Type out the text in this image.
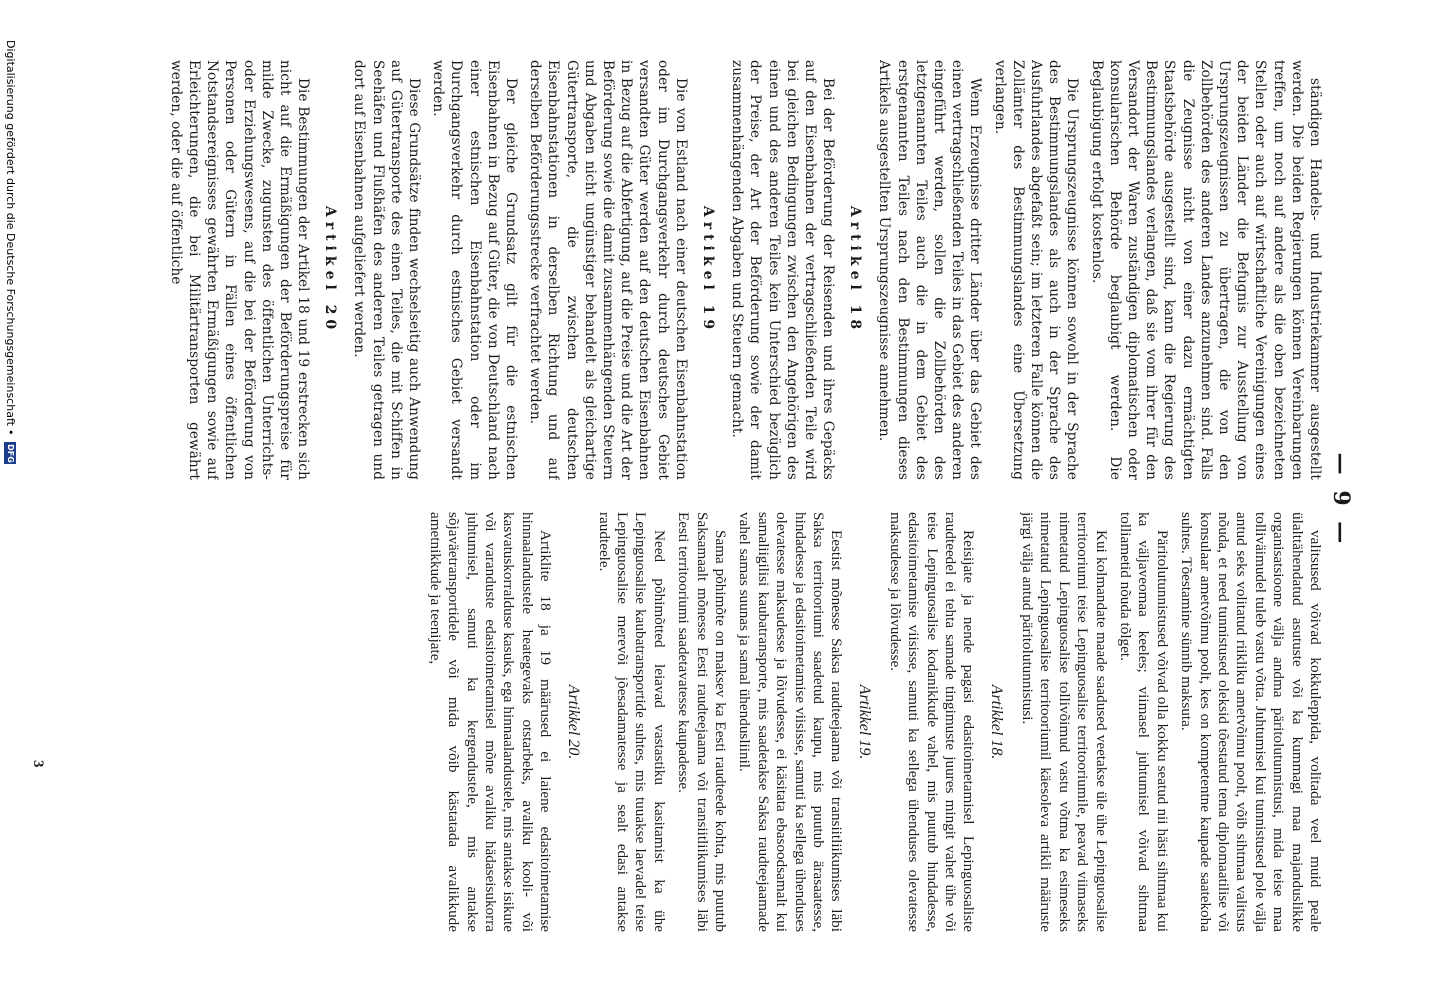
— 9 —

ständigen Handels- und Industriekammer ausgestellt werden. Die beiden Regierungen können Vereinbarungen treffen, um noch auf andere als die oben bezeichneten Stellen oder auch auf wirtschaftliche Vereinigungen eines der beiden Länder die Befugnis zur Ausstellung von Ursprungszeugnissen zu übertragen, die von den Zollbehörden des anderen Landes anzunehmen sind. Falls die Zeugnisse nicht von einer dazu ermächtigten Staatsbehörde ausgestellt sind, kann die Regierung des Bestimmungslandes verlangen, daß sie vom ihrer für den Versandort der Waren zuständigen diplomatischen oder konsularischen Behörde beglaubigt werden. Die Beglaubigung erfolgt kostenlos.

Die Ursprungszeugnisse können sowohl in der Sprache des Bestimmungslandes als auch in der Sprache des Ausfuhrlandes abgefaßt sein; im letzteren Falle können die Zollämter des Bestimmungslandes eine Übersetzung verlangen.

Wenn Erzeugnisse dritter Länder über das Gebiet des einen vertragschließenden Teiles in das Gebiet des anderen eingeführt werden, sollen die Zollbehörden des letztgenannten Teiles auch die in dem Gebiet des erstgenannten Teiles nach den Bestimmungen dieses Artikels ausgestellten Ursprungszeugnisse annehmen.

Artikel 18

Bei der Beförderung der Reisenden und ihres Gepäcks auf den Eisenbahnen der vertragschließenden Teile wird bei gleichen Bedingungen zwischen den Angehörigen des einen und des anderen Teiles kein Unterschied bezüglich der Preise, der Art der Beförderung sowie der damit zusammenhängenden Abgaben und Steuern gemacht.

Artikel 19

Die von Estland nach einer deutschen Eisenbahnstation oder im Durchgangsverkehr durch deutsches Gebiet versandten Güter werden auf den deutschen Eisenbahnen in Bezug auf die Abfertigung, auf die Preise und die Art der Beförderung sowie die damit zusammenhängenden Steuern und Abgaben nicht ungünstiger behandelt als gleichartige Gütertransporte, die zwischen deutschen Eisenbahnstationen in derselben Richtung und auf derselben Beförderungsstrecke verfrachtet werden.

Der gleiche Grundsatz gilt für die estnischen Eisenbahnen in Bezug auf Güter, die von Deutschland nach einer estnischen Eisenbahnstation oder im Durchgangsverkehr durch estnisches Gebiet versandt werden.

Diese Grundsätze finden wechselseitig auch Anwendung auf Gütertransporte des einen Teiles, die mit Schiffen in Seehäfen und Flußhäfen des anderen Teiles getragen und dort auf Eisenbahnen aufgeliefert werden.

Artikel 20

Die Bestimmungen der Artikel 18 und 19 erstrecken sich nicht auf die Ermäßigungen der Beförderungspreise für milde Zwecke, zugunsten des öffentlichen Unterrichts- oder Erziehungswesens, auf die bei der Beförderung von Personen oder Gütern in Fällen eines öffentlichen Notstandsereignisses gewährten Ermäßigungen sowie auf Erleichterungen, die bei Militärtransporten gewährt werden, oder die auf öffentliche

valitsused võivad kokkuleppida, volitada veel muid peale ülalttähendatud asutuste või ka kummagi maa majanduslikke organisatsioone välja andma päritolutunnistusi, mida teise maa tolliväimudel tuleb vastu võtta. Juhtumisel kui tunnistused pole välja antud seks volitatud riikliku ametvõimu poolt, võib sihtmaa valitsus nõuda, et need tunnistused oleksid tõestatud tema diplomaatilise või konsulaar ametvõimu poolt, kes on kompetentne kaupade saatekoha suhtes. Tõestamine sünnib maksuta.

Päritolutunnistused võivad olla kokku seatud nii hästi sihtmaa kui ka väljaveomaa keeles; viimasel juhtumisel võivad sihtmaa tolliametid nõuda tõlget.

Kui kolmandate maade saadused veetakse üle ühe Lepinguosalise territooriumi teise Lepinguosalise territooriumile, peavad viimaseks nimetatud Lepinguosalise tollivõimud vastu võtma ka esimeseks nimetatud Lepinguosalise territooriumil käesoleva artikli määruste järgi välja antud päritolutunnistusi.

Artikkel 18.

Reisijate ja nende pagasi edasitoimetamisel Lepinguosaliste raudteedel ei tehta samade tingimuste juures mingit vahet ühe või teise Lepinguosalise kodanikkude vahel, mis puutub hindadesse, edasitoimetamise viisisse, samuti ka sellega ühenduses olevatesse maksudesse ja lõivudesse.

Artikkel 19.

Eestist mõnesse Saksa raudteejaama või transiitliikumises läbi Saksa territooriumi saadetud kaupu, mis puutub ärasaatesse, hindadesse ja edasitoimetamise viisisse, samuti ka sellega ühenduses olevatesse maksudesse ja lõivudesse, ei käsitata ebasoodsamalt kui samaliigilisi kaubatransporte, mis saadetakse Saksa raudteejaamade vahel samas suunas ja samal ühendusliinil.

Sama põhimõte on maksev ka Eesti raudteede kohta, mis puutub Saksamaalt mõnesse Eesti raudteejaama või transiitliikumises läbi Eesti territooriumi saadetavatesse kaupadesse.

Need põhimõtted leiavad vastastiku kasitamist ka ühe Lepinguosalise kaubatransportide suhtes, mis tuuakse laevadel teise Lepinguosalise merevõi jõesadamatesse ja sealt edasi antakse raudteele.

Artikkel 20.

Artiklite 18 ja 19 määrused ei laiene edasitoimetamise hinnaalandustele heategevaks otstarbeks, avaliku kooli- või kasvatuskorralduse kasuks, ega hinnaalandustele, mis antakse isikute või varanduste edasitoimetamisel mõne avaliku hädaseisukorra juhtumisel, samuti ka kergendustele, mis antakse sõjaväetransportidele või mida võib kästatada avalikkude ametnikkude ja teenijate,

3
Digitalisierung gefördert durch die Deutsche Forschungsgemeinschaft•DFG
